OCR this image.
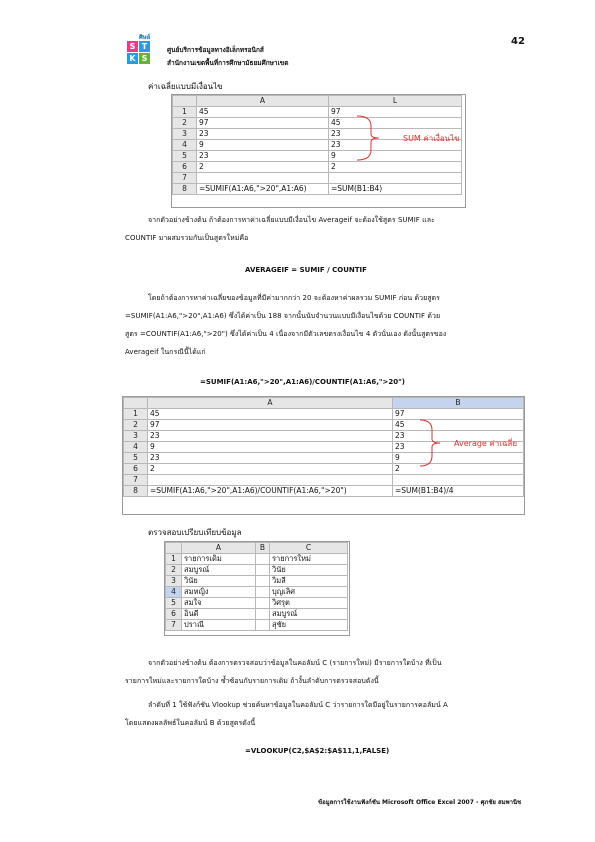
42
ศิษย์
S T
K S
ศูนย์บริการข้อมูลทางอิเล็กทรอนิกส์
สำนักงานเขตพื้นที่การศึกษามัธยมศึกษาเขต
ค่าเฉลี่ยแบบมีเงื่อนไข
	A	L
1	45	97
2	97	45
3	23	23
4	9	23
5	23	9
6	2	2
7		
8	=SUMIF(A1:A6,">20",A1:A6)	=SUM(B1:B4)
SUM ค่าเงื่อนไข
จากตัวอย่างข้างต้น ถ้าต้องการหาค่าเฉลี่ยแบบมีเงื่อนไข Averageif จะต้องใช้สูตร SUMIF และ
COUNTIF มาผสมรวมกันเป็นสูตรใหม่คือ
AVERAGEIF = SUMIF / COUNTIF
โดยถ้าต้องการหาค่าเฉลี่ยของข้อมูลที่มีค่ามากกว่า 20 จะต้องหาค่าผลรวม SUMIF ก่อน ด้วยสูตร
=SUMIF(A1:A6,">20",A1:A6) ซึ่งได้ค่าเป็น 188 จากนั้นนับจำนวนแบบมีเงื่อนไขด้วย COUNTIF ด้วย
สูตร =COUNTIF(A1:A6,">20") ซึ่งได้ค่าเป็น 4 เนื่องจากมีตัวเลขตรงเงื่อนไข 4 ตัวนั่นเอง ดังนั้นสูตรของ
Averageif ในกรณีนี้ได้แก่
=SUMIF(A1:A6,">20",A1:A6)/COUNTIF(A1:A6,">20")
	A	B
1	45	97
2	97	45
3	23	23
4	9	23
5	23	9
6	2	2
7		
8	=SUMIF(A1:A6,">20",A1:A6)/COUNTIF(A1:A6,">20")	=SUM(B1:B4)/4
Average ค่าเฉลี่ย
ตรวจสอบเปรียบเทียบข้อมูล
	A	B	C
1	รายการเดิม		รายการใหม่
2	สมบูรณ์		วินัย
3	วินัย		วิมลี
4	สมหญิง		บุญเลิศ
5	สมใจ		วิศรุต
6	อินดี		สมบูรณ์
7	ปราณี		สุชัย
จากตัวอย่างข้างต้น ต้องการตรวจสอบว่าข้อมูลในคอลัมน์ C (รายการใหม่) มีรายการใดบ้าง ที่เป็น
รายการใหม่และรายการใดบ้าง ซ้ำซ้อนกับรายการเดิม ถ้างั้นลำดับการตรวจสอบดังนี้
ลำดับที่ 1 ใช้ฟังก์ชัน Vlookup ช่วยค้นหาข้อมูลในคอลัมน์ C ว่ารายการใดมีอยู่ในรายการคอลัมน์ A
โดยแสดงผลลัพธ์ในคอลัมน์ B ด้วยสูตรดังนี้
=VLOOKUP(C2,$A$2:$A$11,1,FALSE)
ข้อมูลการใช้งานฟังก์ชัน Microsoft Office Excel 2007 - ศุภชัย สมพานิช
